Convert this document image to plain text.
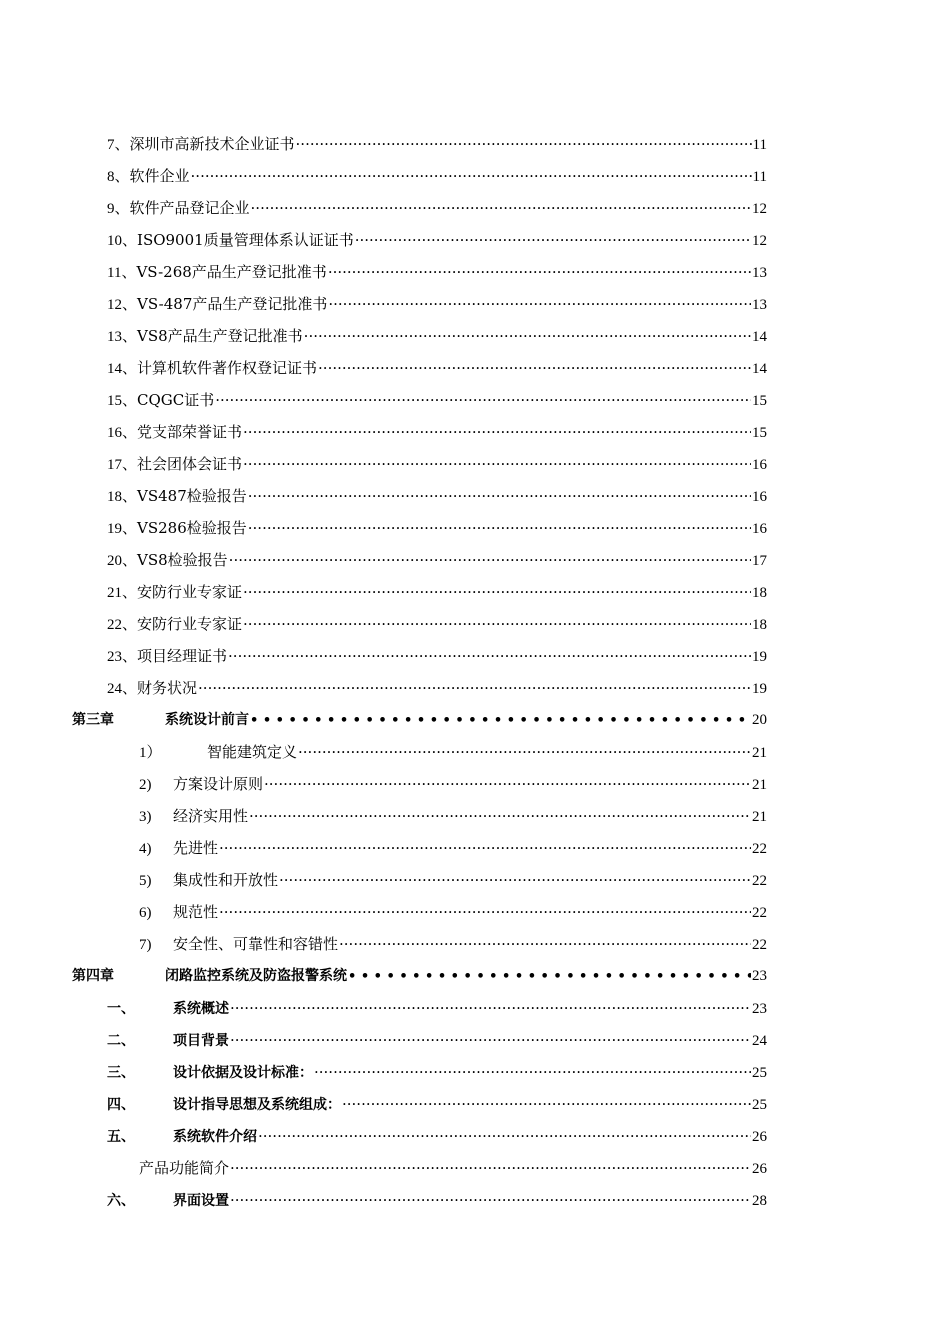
7、 深圳市高新技术企业证书 ·····	11
8、 软件企业 ·····	11
9、 软件产品登记企业 ·····	12
10、 ISO9001质量管理体系认证证书 ·····	12
11、 VS-268产品生产登记批准书 ·····	13
12、 VS-487产品生产登记批准书 ·····	13
13、 VS8产品生产登记批准书 ·····	14
14、 计算机软件著作权登记证书 ·····	14
15、 CQGC证书 ·····	15
16、 党支部荣誉证书 ·····	15
17、 社会团体会证书 ·····	16
18、 VS487检验报告 ·····	16
19、 VS286检验报告 ·····	16
20、 VS8检验报告 ·····	17
21、 安防行业专家证 ·····	18
22、 安防行业专家证 ·····	18
23、 项目经理证书 ·····	19
24、 财务状况 ·····	19
第三章	系统设计前言 • • •	20
1）	智能建筑定义 ·····	21
2)	方案设计原则 ·····	21
3)	经济实用性 ·····	21
4)	先进性 ·····	22
5)	集成性和开放性 ·····	22
6)	规范性 ·····	22
7)	安全性、可靠性和容错性 ·····	22
第四章	闭路监控系统及防盗报警系统 • • •	23
一、	系统概述 ·····	23
二、	项目背景 ·····	24
三、	设计依据及设计标准： ·····	25
四、	设计指导思想及系统组成： ·····	25
五、	系统软件介绍 ·····	26
产品功能简介 ·····	26
六、	界面设置 ·····	28
